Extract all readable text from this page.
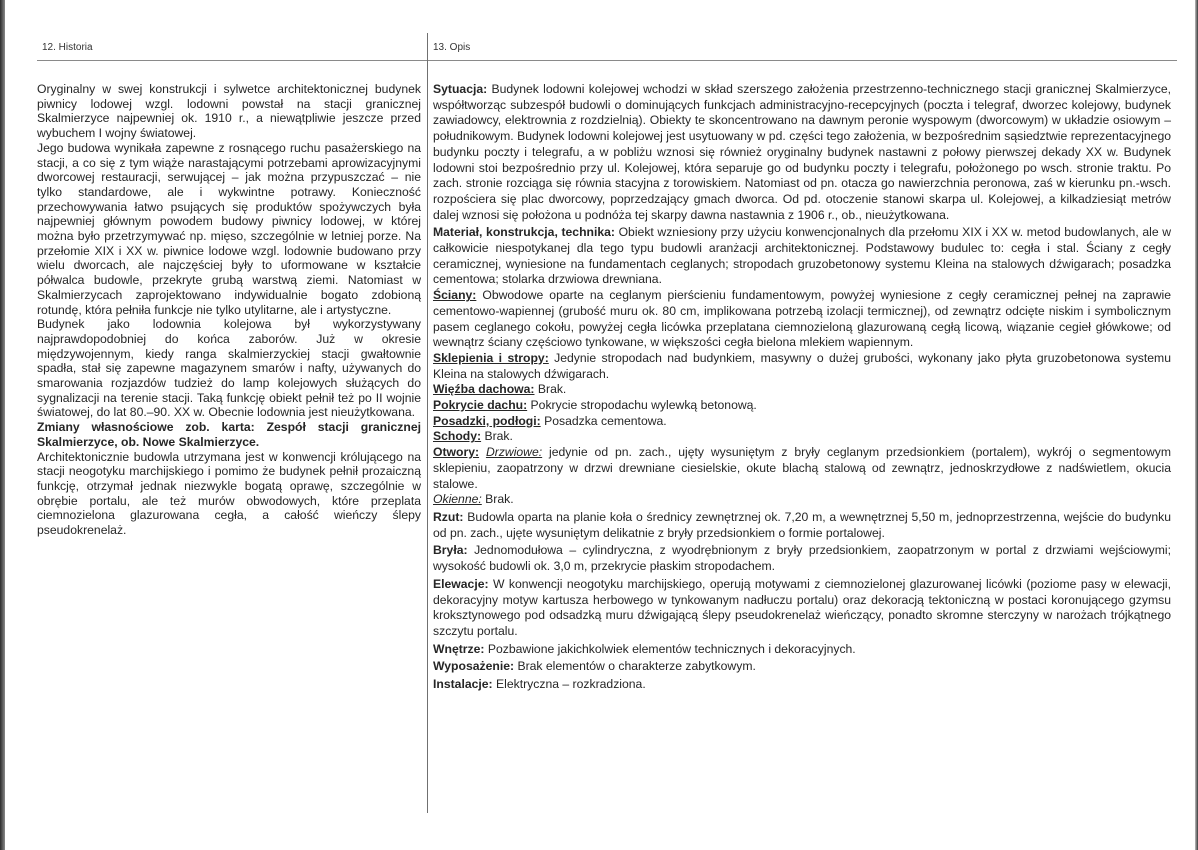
12. Historia	13. Opis

Oryginalny w swej konstrukcji i sylwetce architektonicznej budynek piwnicy lodowej wzgl. lodowni powstał na stacji granicznej Skalmierzyce najpewniej ok. 1910 r., a niewątpliwie jeszcze przed wybuchem I wojny światowej.

Jego budowa wynikała zapewne z rosnącego ruchu pasażerskiego na stacji, a co się z tym wiąże narastającymi potrzebami aprowizacyjnymi dworcowej restauracji, serwującej – jak można przypuszczać – nie tylko standardowe, ale i wykwintne potrawy. Konieczność przechowywania łatwo psujących się produktów spożywczych była najpewniej głównym powodem budowy piwnicy lodowej, w której można było przetrzymywać np. mięso, szczególnie w letniej porze. Na przełomie XIX i XX w. piwnice lodowe wzgl. lodownie budowano przy wielu dworcach, ale najczęściej były to uformowane w kształcie półwalca budowle, przekryte grubą warstwą ziemi. Natomiast w Skalmierzycach zaprojektowano indywidualnie bogato zdobioną rotundę, która pełniła funkcje nie tylko utylitarne, ale i artystyczne.

Budynek jako lodownia kolejowa był wykorzystywany najprawdopodobniej do końca zaborów. Już w okresie międzywojennym, kiedy ranga skalmierzyckiej stacji gwałtownie spadła, stał się zapewne magazynem smarów i nafty, używanych do smarowania rozjazdów tudzież do lamp kolejowych służących do sygnalizacji na terenie stacji. Taką funkcję obiekt pełnił też po II wojnie światowej, do lat 80.–90. XX w. Obecnie lodownia jest nieużytkowana.

Zmiany własnościowe zob. karta: Zespół stacji granicznej Skalmierzyce, ob. Nowe Skalmierzyce.

Architektonicznie budowla utrzymana jest w konwencji królującego na stacji neogotyku marchijskiego i pomimo że budynek pełnił prozaiczną funkcję, otrzymał jednak niezwykle bogatą oprawę, szczególnie w obrębie portalu, ale też murów obwodowych, które przeplata ciemnozielona glazurowana cegła, a całość wieńczy ślepy pseudokrenelaż.

Sytuacja: Budynek lodowni kolejowej wchodzi w skład szerszego założenia przestrzenno-technicznego stacji granicznej Skalmierzyce, współtworząc subzespół budowli o dominujących funkcjach administracyjno-recepcyjnych (poczta i telegraf, dworzec kolejowy, budynek zawiadowcy, elektrownia z rozdzielnią). Obiekty te skoncentrowano na dawnym peronie wyspowym (dworcowym) w układzie osiowym – południkowym. Budynek lodowni kolejowej jest usytuowany w pd. części tego założenia, w bezpośrednim sąsiedztwie reprezentacyjnego budynku poczty i telegrafu, a w pobliżu wznosi się również oryginalny budynek nastawni z połowy pierwszej dekady XX w. Budynek lodowni stoi bezpośrednio przy ul. Kolejowej, która separuje go od budynku poczty i telegrafu, położonego po wsch. stronie traktu. Po zach. stronie rozciąga się równia stacyjna z torowiskiem. Natomiast od pn. otacza go nawierzchnia peronowa, zaś w kierunku pn.-wsch. rozpościera się plac dworcowy, poprzedzający gmach dworca. Od pd. otoczenie stanowi skarpa ul. Kolejowej, a kilkadziesiąt metrów dalej wznosi się położona u podnóża tej skarpy dawna nastawnia z 1906 r., ob., nieużytkowana.

Materiał, konstrukcja, technika: Obiekt wzniesiony przy użyciu konwencjonalnych dla przełomu XIX i XX w. metod budowlanych, ale w całkowicie niespotykanej dla tego typu budowli aranżacji architektonicznej. Podstawowy budulec to: cegła i stal. Ściany z cegły ceramicznej, wyniesione na fundamentach ceglanych; stropodach gruzobetonowy systemu Kleina na stalowych dźwigarach; posadzka cementowa; stolarka drzwiowa drewniana.

Ściany: Obwodowe oparte na ceglanym pierścieniu fundamentowym, powyżej wyniesione z cegły ceramicznej pełnej na zaprawie cementowo-wapiennej (grubość muru ok. 80 cm, implikowana potrzebą izolacji termicznej), od zewnątrz odcięte niskim i symbolicznym pasem ceglanego cokołu, powyżej cegła licówka przeplatana ciemnozieloną glazurowaną cegłą licową, wiązanie cegieł główkowe; od wewnątrz ściany częściowo tynkowane, w większości cegła bielona mlekiem wapiennym.

Sklepienia i stropy: Jedynie stropodach nad budynkiem, masywny o dużej grubości, wykonany jako płyta gruzobetonowa systemu Kleina na stalowych dźwigarach.

Więźba dachowa: Brak.

Pokrycie dachu: Pokrycie stropodachu wylewką betonową.

Posadzki, podłogi: Posadzka cementowa.

Schody: Brak.

Otwory: Drzwiowe: jedynie od pn. zach., ujęty wysuniętym z bryły ceglanym przedsionkiem (portalem), wykrój o segmentowym sklepieniu, zaopatrzony w drzwi drewniane ciesielskie, okute blachą stalową od zewnątrz, jednoskrzydłowe z nadświetlem, okucia stalowe.

Okienne: Brak.

Rzut: Budowla oparta na planie koła o średnicy zewnętrznej ok. 7,20 m, a wewnętrznej 5,50 m, jednoprzestrzenna, wejście do budynku od pn. zach., ujęte wysuniętym delikatnie z bryły przedsionkiem o formie portalowej.

Bryła: Jednomodułowa – cylindryczna, z wyodrębnionym z bryły przedsionkiem, zaopatrzonym w portal z drzwiami wejściowymi; wysokość budowli ok. 3,0 m, przekrycie płaskim stropodachem.

Elewacje: W konwencji neogotyku marchijskiego, operują motywami z ciemnozielonej glazurowanej licówki (poziome pasy w elewacji, dekoracyjny motyw kartusza herbowego w tynkowanym nadłuczu portalu) oraz dekoracją tektoniczną w postaci koronującego gzymsu kroksztynowego pod odsadzką muru dźwigającą ślepy pseudokrenelaż wieńczący, ponadto skromne sterczyny w narożach trójkątnego szczytu portalu.

Wnętrze: Pozbawione jakichkolwiek elementów technicznych i dekoracyjnych.

Wyposażenie: Brak elementów o charakterze zabytkowym.

Instalacje: Elektryczna – rozkradziona.
